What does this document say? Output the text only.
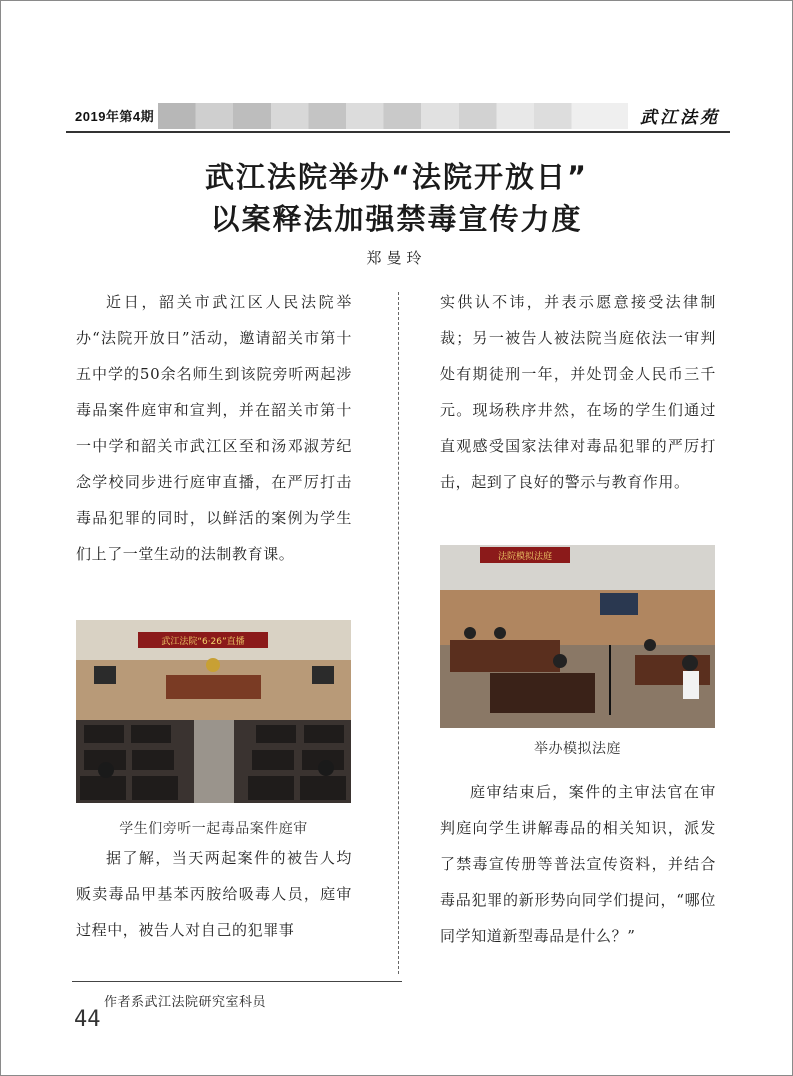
2019年第4期	武江法苑
武江法院举办“法院开放日”
以案释法加强禁毒宣传力度
郑曼玲

近日，韶关市武江区人民法院举办“法院开放日”活动，邀请韶关市第十五中学的50余名师生到该院旁听两起涉毒品案件庭审和宣判，并在韶关市第十一中学和韶关市武江区至和汤邓淑芳纪念学校同步进行庭审直播，在严厉打击毒品犯罪的同时，以鲜活的案例为学生们上了一堂生动的法制教育课。

武江法院“6·26”直播
学生们旁听一起毒品案件庭审

据了解，当天两起案件的被告人均贩卖毒品甲基苯丙胺给吸毒人员，庭审过程中，被告人对自己的犯罪事

实供认不讳，并表示愿意接受法律制裁；另一被告人被法院当庭依法一审判处有期徒刑一年，并处罚金人民币三千元。现场秩序井然，在场的学生们通过直观感受国家法律对毒品犯罪的严厉打击，起到了良好的警示与教育作用。

法院模拟法庭
举办模拟法庭

庭审结束后，案件的主审法官在审判庭向学生讲解毒品的相关知识，派发了禁毒宣传册等普法宣传资料，并结合毒品犯罪的新形势向同学们提问，“哪位同学知道新型毒品是什么？”

作者系武江法院研究室科员
44
